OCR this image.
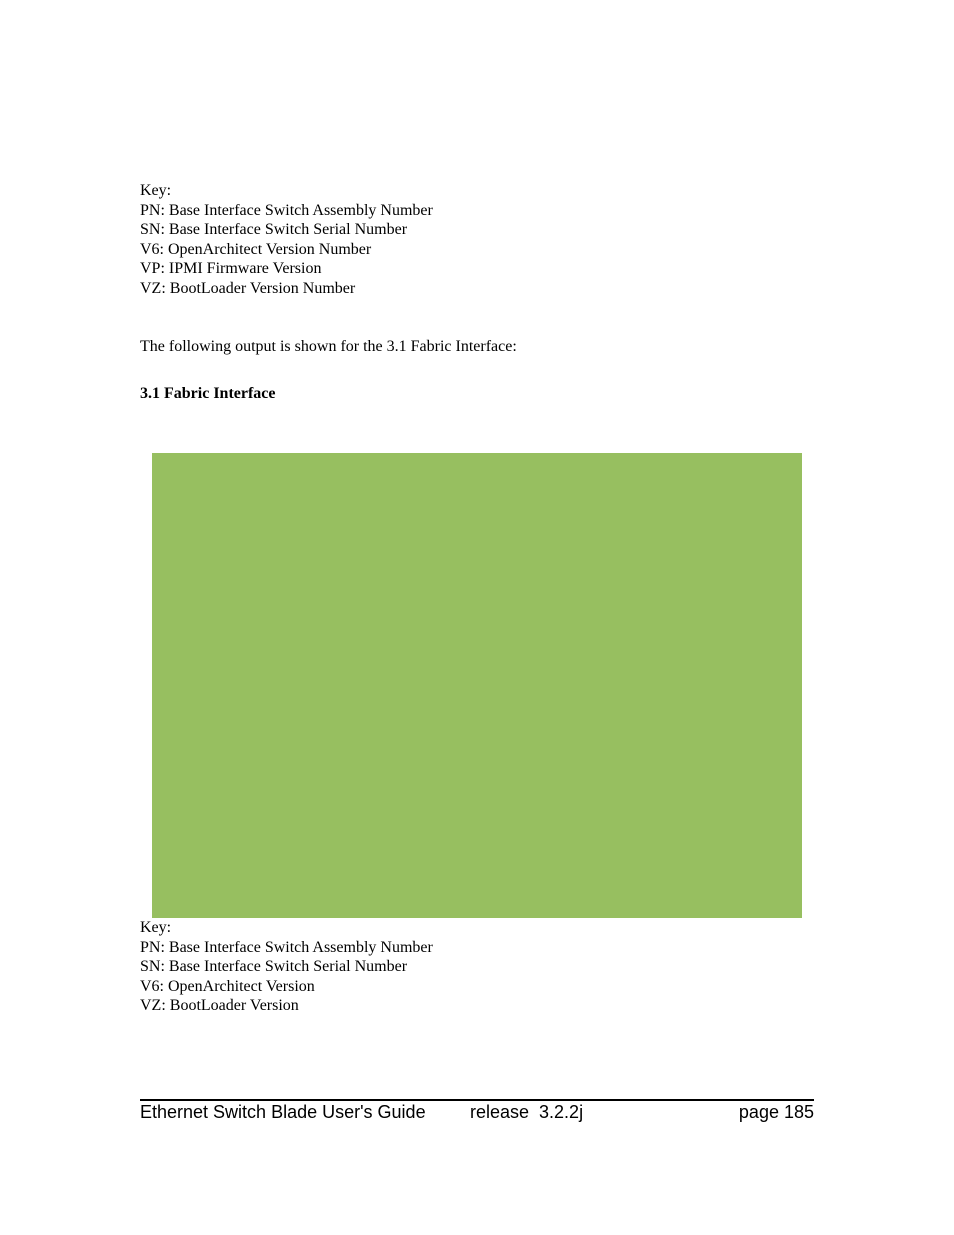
Key:
PN: Base Interface Switch Assembly Number
SN: Base Interface Switch Serial Number
V6: OpenArchitect Version Number
VP: IPMI Firmware Version
VZ: BootLoader Version Number

The following output is shown for the 3.1 Fabric Interface:

3.1 Fabric Interface
Key:
PN: Base Interface Switch Assembly Number
SN: Base Interface Switch Serial Number
V6: OpenArchitect Version
VZ: BootLoader Version
Ethernet Switch Blade User's Guide release  3.2.2j	page 185
